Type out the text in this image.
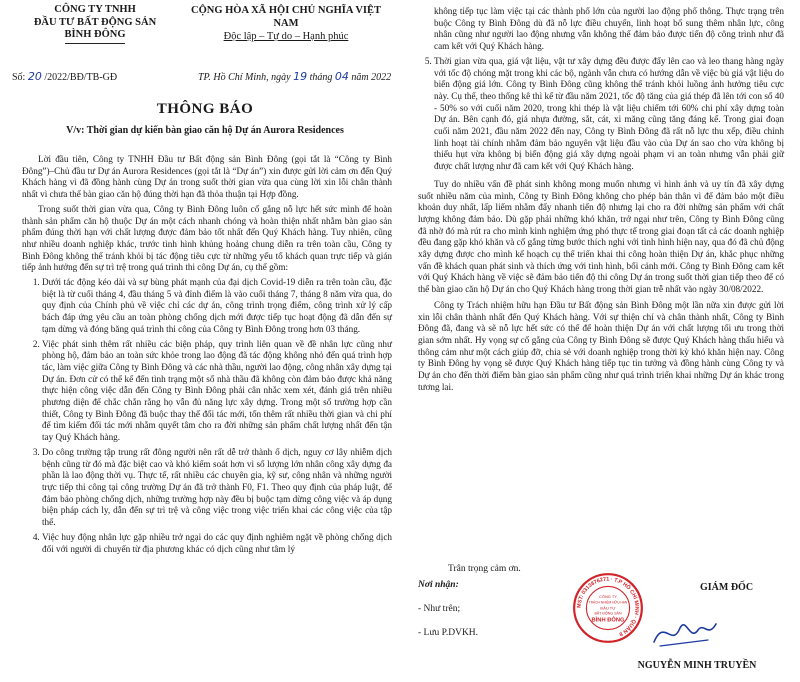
CÔNG TY TNHH
ĐẦU TƯ BẤT ĐỘNG SẢN
BÌNH ĐÔNG
CỘNG HÒA XÃ HỘI CHỦ NGHĨA VIỆT NAM
Độc lập – Tự do – Hạnh phúc
Số: 20 /2022/BĐ/TB-GĐ	TP. Hồ Chí Minh, ngày 19 tháng 04 năm 2022
THÔNG BÁO
V/v: Thời gian dự kiến bàn giao căn hộ Dự án Aurora Residences

Lời đầu tiên, Công ty TNHH Đầu tư Bất động sản Bình Đông (gọi tắt là “Công ty Bình Đông”)–Chủ đầu tư Dự án Aurora Residences (gọi tắt là “Dự án”) xin được gửi lời cảm ơn đến Quý Khách hàng vì đã đồng hành cùng Dự án trong suốt thời gian vừa qua cùng lời xin lỗi chân thành nhất vì chưa thể bàn giao căn hộ đúng thời hạn đã thỏa thuận tại Hợp đồng.

Trong suốt thời gian vừa qua, Công ty Bình Đông luôn cố gắng nỗ lực hết sức mình để hoàn thành sản phẩm căn hộ thuộc Dự án một cách nhanh chóng và hoàn thiện nhất nhằm bàn giao sản phẩm đúng thời hạn với chất lượng được đảm bảo tốt nhất đến Quý Khách hàng. Tuy nhiên, cũng như nhiều doanh nghiệp khác, trước tình hình khủng hoảng chung diễn ra trên toàn cầu, Công ty Bình Đông không thể tránh khỏi bị tác động tiêu cực từ những yếu tố khách quan trực tiếp và gián tiếp ảnh hưởng đến sự trì trệ trong quá trình thi công Dự án, cụ thể gồm:

1. Dưới tác động kéo dài và sự bùng phát mạnh của đại dịch Covid-19 diễn ra trên toàn cầu, đặc biệt là từ cuối tháng 4, đầu tháng 5 và đỉnh điểm là vào cuối tháng 7, tháng 8 năm vừa qua, do quy định của Chính phủ về việc chỉ các dự án, công trình trọng điểm, công trình xử lý cấp bách đáp ứng yêu cầu an toàn phòng chống dịch mới được tiếp tục hoạt động đã dẫn đến sự tạm dừng và đóng băng quá trình thi công của Công ty Bình Đông trong hơn 03 tháng.
2. Việc phát sinh thêm rất nhiều các biện pháp, quy trình liên quan về đề nhân lực cũng như phòng hộ, đảm bảo an toàn sức khỏe trong lao động đã tác động không nhỏ đến quá trình hợp tác, làm việc giữa Công ty Bình Đông và các nhà thầu, người lao động, công nhân xây dựng tại Dự án. Đơn cử có thể kể đến tình trạng một số nhà thầu đã không còn đảm bảo được khả năng thực hiện công việc dẫn đến Công ty Bình Đông phải cân nhắc xem xét, đánh giá trên nhiều phương diện để chắc chắn rằng họ vẫn đủ năng lực xây dựng. Trong một số trường hợp cần thiết, Công ty Bình Đông đã buộc thay thế đối tác mới, tốn thêm rất nhiều thời gian và chi phí để tìm kiếm đối tác mới nhằm quyết tâm cho ra đời những sản phẩm chất lượng nhất đến tận tay Quý Khách hàng.
3. Do công trường tập trung rất đông người nên rất dễ trở thành ổ dịch, nguy cơ lây nhiễm dịch bệnh cũng từ đó mà đặc biệt cao và khó kiểm soát hơn vì số lượng lớn nhân công xây dựng đa phần là lao động thời vụ. Thực tế, rất nhiều các chuyên gia, kỹ sư, công nhân và những người trực tiếp thi công tại công trường Dự án đã trở thành F0, F1. Theo quy định của pháp luật, để đảm bảo phòng chống dịch, những trường hợp này đều bị buộc tạm dừng công việc và áp dụng biện pháp cách ly, dẫn đến sự trì trệ và công việc trong việc triển khai các công việc của tập thể.
4. Việc huy động nhân lực gặp nhiều trở ngại do các quy định nghiêm ngặt về phòng chống dịch đối với người di chuyển từ địa phương khác có dịch cũng như tâm lý
không tiếp tục làm việc tại các thành phố lớn của người lao động phổ thông. Thực trạng trên buộc Công ty Bình Đông dù đã nỗ lực điều chuyển, linh hoạt bổ sung thêm nhân lực, công nhân cũng như người lao động nhưng vẫn không thể đảm bảo được tiến độ công trình như đã cam kết với Quý Khách hàng.
5. Thời gian vừa qua, giá vật liệu, vật tư xây dựng đều được đẩy lên cao và leo thang hàng ngày với tốc độ chóng mặt trong khi các bộ, ngành vẫn chưa có hướng dẫn về việc bù giá vật liệu do biến động giá lớn. Công ty Bình Đông cũng không thể tránh khỏi luồng ảnh hưởng tiêu cực này. Cụ thể, theo thống kê thì kể từ đầu năm 2021, tốc độ tăng của giá thép đã lên tới con số 40 - 50% so với cuối năm 2020, trong khi thép là vật liệu chiếm tới 60% chi phí xây dựng toàn Dự án. Bên cạnh đó, giá nhựa đường, sắt, cát, xi măng cũng tăng đáng kể. Trong giai đoạn cuối năm 2021, đầu năm 2022 đến nay, Công ty Bình Đông đã rất nỗ lực thu xếp, điều chỉnh linh hoạt tài chính nhằm đảm bảo nguyên vật liệu đầu vào của Dự án sao cho vừa không bị thiếu hụt vừa không bị biến động giá xây dựng ngoài phạm vi an toàn nhưng vẫn phải giữ được chất lượng như đã cam kết với Quý Khách hàng.

Tuy do nhiều vấn đề phát sinh không mong muốn nhưng vì hình ảnh và uy tín đã xây dựng suốt nhiều năm của mình, Công ty Bình Đông không cho phép bản thân vì để đảm bảo một điều khoản duy nhất, lấp liếm nhằm đẩy nhanh tiến độ nhưng lại cho ra đời những sản phẩm với chất lượng không đảm bảo. Dù gặp phải những khó khăn, trở ngại như trên, Công ty Bình Đông cũng đã nhờ đó mà rút ra cho mình kinh nghiệm ứng phó thực tế trong giai đoạn tất cả các doanh nghiệp đều đang gặp khó khăn và cố gắng từng bước thích nghi với tình hình hiện nay, qua đó đã chủ động xây dựng được cho mình kế hoạch cụ thể triển khai thi công hoàn thiện Dự án, khắc phục những vấn đề khách quan phát sinh và thích ứng với tình hình, bối cảnh mới. Công ty Bình Đông cam kết với Quý Khách hàng về việc sẽ đảm bảo tiến độ thi công Dự án trong suốt thời gian tiếp theo để có thể bàn giao căn hộ Dự án cho Quý Khách hàng trong thời gian trễ nhất vào ngày 30/08/2022.

Công ty Trách nhiệm hữu hạn Đầu tư Bất động sản Bình Đông một lần nữa xin được gửi lời xin lỗi chân thành nhất đến Quý Khách hàng. Với sự thiện chí và chân thành nhất, Công ty Bình Đông đã, đang và sẽ nỗ lực hết sức có thể để hoàn thiện Dự án với chất lượng tối ưu trong thời gian sớm nhất. Hy vọng sự cố gắng của Công ty Bình Đông sẽ được Quý Khách hàng thấu hiểu và thông cảm như một cách giúp đỡ, chia sẻ với doanh nghiệp trong thời kỳ khó khăn hiện nay. Công ty Bình Đông hy vọng sẽ được Quý Khách hàng tiếp tục tin tưởng và đồng hành cùng Công ty và Dự án cho đến thời điểm bàn giao sản phẩm cũng như quá trình triển khai những Dự án khác trong tương lai.

Trân trọng cảm ơn.
Nơi nhận:
- Như trên;
- Lưu P.DVKH.
MST: 0313876271 · T.P HỒ CHÍ MINH · QUẬN 8
CÔNG TY
TRÁCH NHIỆM HỮU HẠN
ĐẦU TƯ
BẤT ĐỘNG SẢN
BÌNH ĐÔNG
GIÁM ĐỐC
NGUYỄN MINH TRUYỀN
